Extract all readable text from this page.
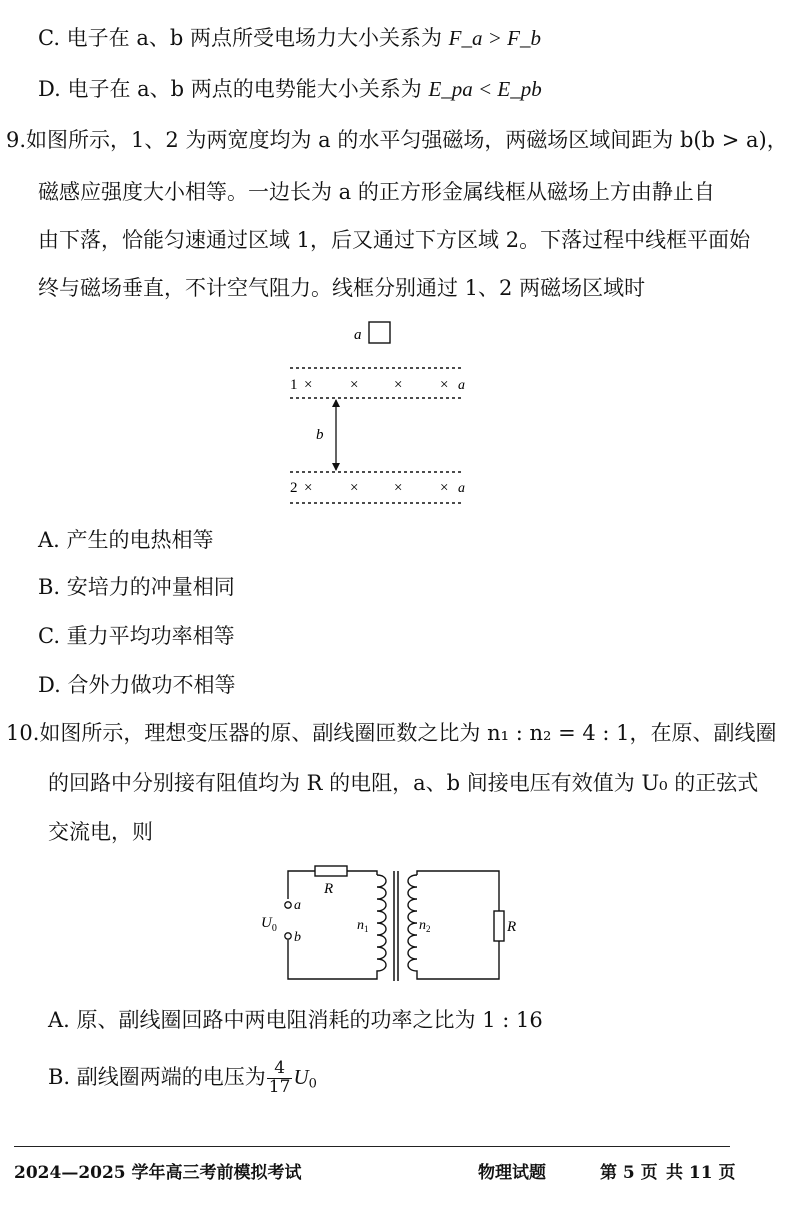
C. 电子在 a、b 两点所受电场力大小关系为 F_a > F_b
D. 电子在 a、b 两点的电势能大小关系为 E_pa < E_pb
9.如图所示，1、2 为两宽度均为 a 的水平匀强磁场，两磁场区域间距为 b(b > a)，
磁感应强度大小相等。一边长为 a 的正方形金属线框从磁场上方由静止自
由下落，恰能匀速通过区域 1，后又通过下方区域 2。下落过程中线框平面始
终与磁场垂直，不计空气阻力。线框分别通过 1、2 两磁场区域时
a
1 ×	× ×	× a
b
2 ×	× ×	× a
A. 产生的电热相等
B. 安培力的冲量相同
C. 重力平均功率相等
D. 合外力做功不相等
10.如图所示，理想变压器的原、副线圈匝数之比为 n₁ : n₂ = 4 : 1，在原、副线圈
的回路中分别接有阻值均为 R 的电阻，a、b 间接电压有效值为 U₀ 的正弦式
交流电，则
R
a
b
$U_0$	$n_1$	$n_2$	R
A. 原、副线圈回路中两电阻消耗的功率之比为 1 : 16
B. 副线圈两端的电压为 $\frac{4}{17} U_0$
2024—2025 学年高三考前模拟考试	物理试题	第 5 页 共 11 页
